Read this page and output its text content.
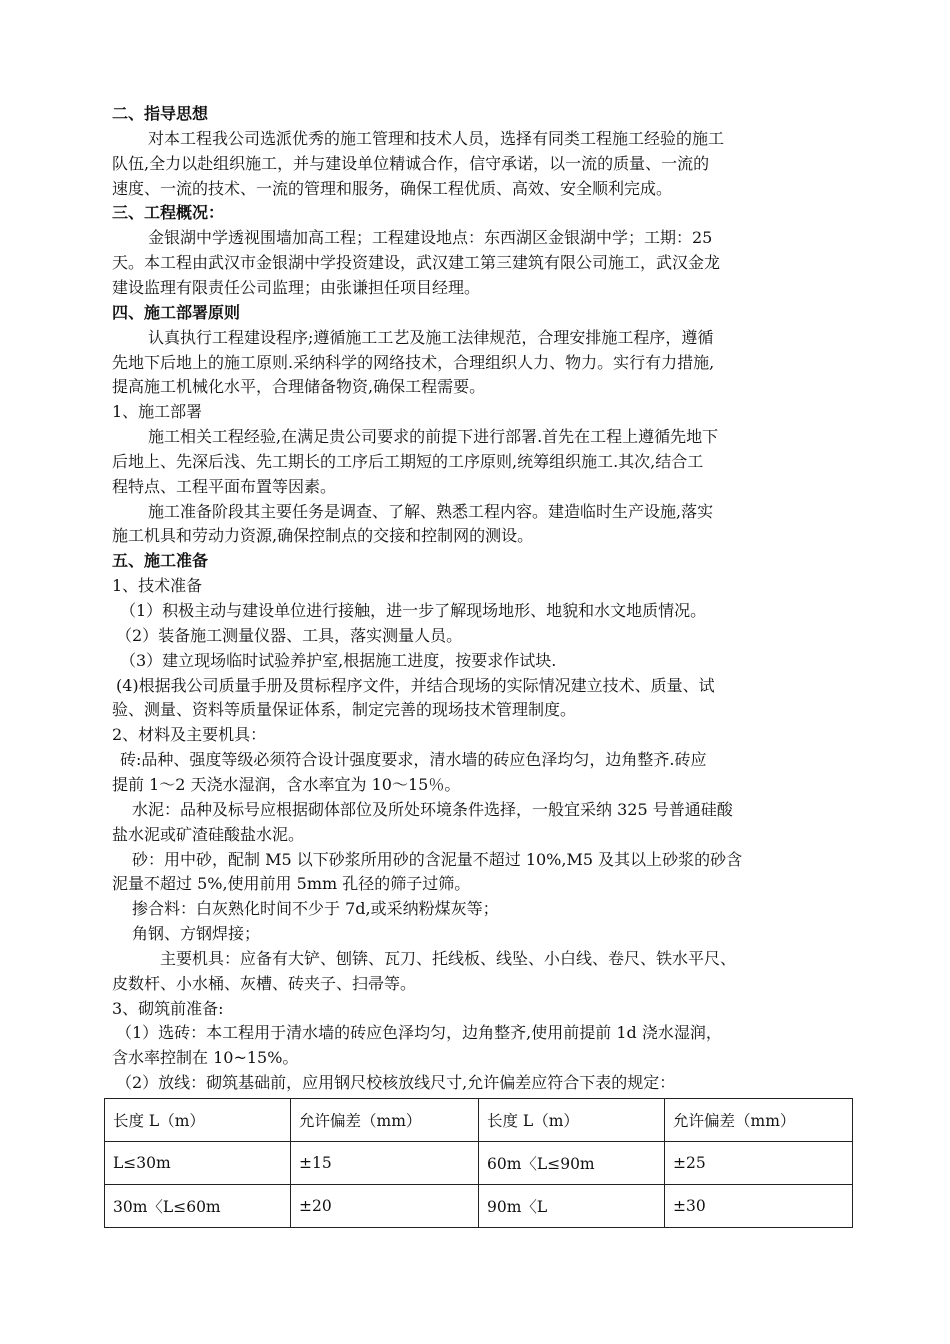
二、指导思想
对本工程我公司选派优秀的施工管理和技术人员，选择有同类工程施工经验的施工
队伍,全力以赴组织施工，并与建设单位精诚合作，信守承诺，以一流的质量、一流的
速度、一流的技术、一流的管理和服务，确保工程优质、高效、安全顺利完成。
三、工程概况：
金银湖中学透视围墙加高工程；工程建设地点：东西湖区金银湖中学；工期：25
天。本工程由武汉市金银湖中学投资建设，武汉建工第三建筑有限公司施工，武汉金龙
建设监理有限责任公司监理；由张谦担任项目经理。
四、施工部署原则
认真执行工程建设程序;遵循施工工艺及施工法律规范，合理安排施工程序，遵循
先地下后地上的施工原则.采纳科学的网络技术，合理组织人力、物力。实行有力措施,
提高施工机械化水平，合理储备物资,确保工程需要。
1、施工部署
施工相关工程经验,在满足贵公司要求的前提下进行部署.首先在工程上遵循先地下
后地上、先深后浅、先工期长的工序后工期短的工序原则,统筹组织施工.其次,结合工
程特点、工程平面布置等因素。
施工准备阶段其主要任务是调查、了解、熟悉工程内容。建造临时生产设施,落实
施工机具和劳动力资源,确保控制点的交接和控制网的测设。
五、施工准备
1、技术准备
（1）积极主动与建设单位进行接触，进一步了解现场地形、地貌和水文地质情况。
（2）装备施工测量仪器、工具，落实测量人员。
（3）建立现场临时试验养护室,根据施工进度，按要求作试块.
(4)根据我公司质量手册及贯标程序文件，并结合现场的实际情况建立技术、质量、试
验、测量、资料等质量保证体系，制定完善的现场技术管理制度。
2、材料及主要机具：
砖:品种、强度等级必须符合设计强度要求，清水墙的砖应色泽均匀，边角整齐.砖应
提前 1～2 天浇水湿润，含水率宜为 10～15％。
水泥：品种及标号应根据砌体部位及所处环境条件选择，一般宜采纳 325 号普通硅酸
盐水泥或矿渣硅酸盐水泥。
砂：用中砂，配制 M5 以下砂浆所用砂的含泥量不超过 10%,M5 及其以上砂浆的砂含
泥量不超过 5%,使用前用 5mm 孔径的筛子过筛。
掺合料：白灰熟化时间不少于 7d,或采纳粉煤灰等；
角钢、方钢焊接；
主要机具：应备有大铲、刨锛、瓦刀、托线板、线坠、小白线、卷尺、铁水平尺、
皮数杆、小水桶、灰槽、砖夹子、扫帚等。
3、砌筑前准备:
（1）选砖：本工程用于清水墙的砖应色泽均匀，边角整齐,使用前提前 1d 浇水湿润，
含水率控制在 10~15%。
（2）放线：砌筑基础前，应用钢尺校核放线尺寸,允许偏差应符合下表的规定：
长度 L（m）	允许偏差（mm）	长度 L（m）	允许偏差（mm）
L≤30m	±15	60m〈L≤90m	±25
30m〈L≤60m	±20	90m〈L	±30
